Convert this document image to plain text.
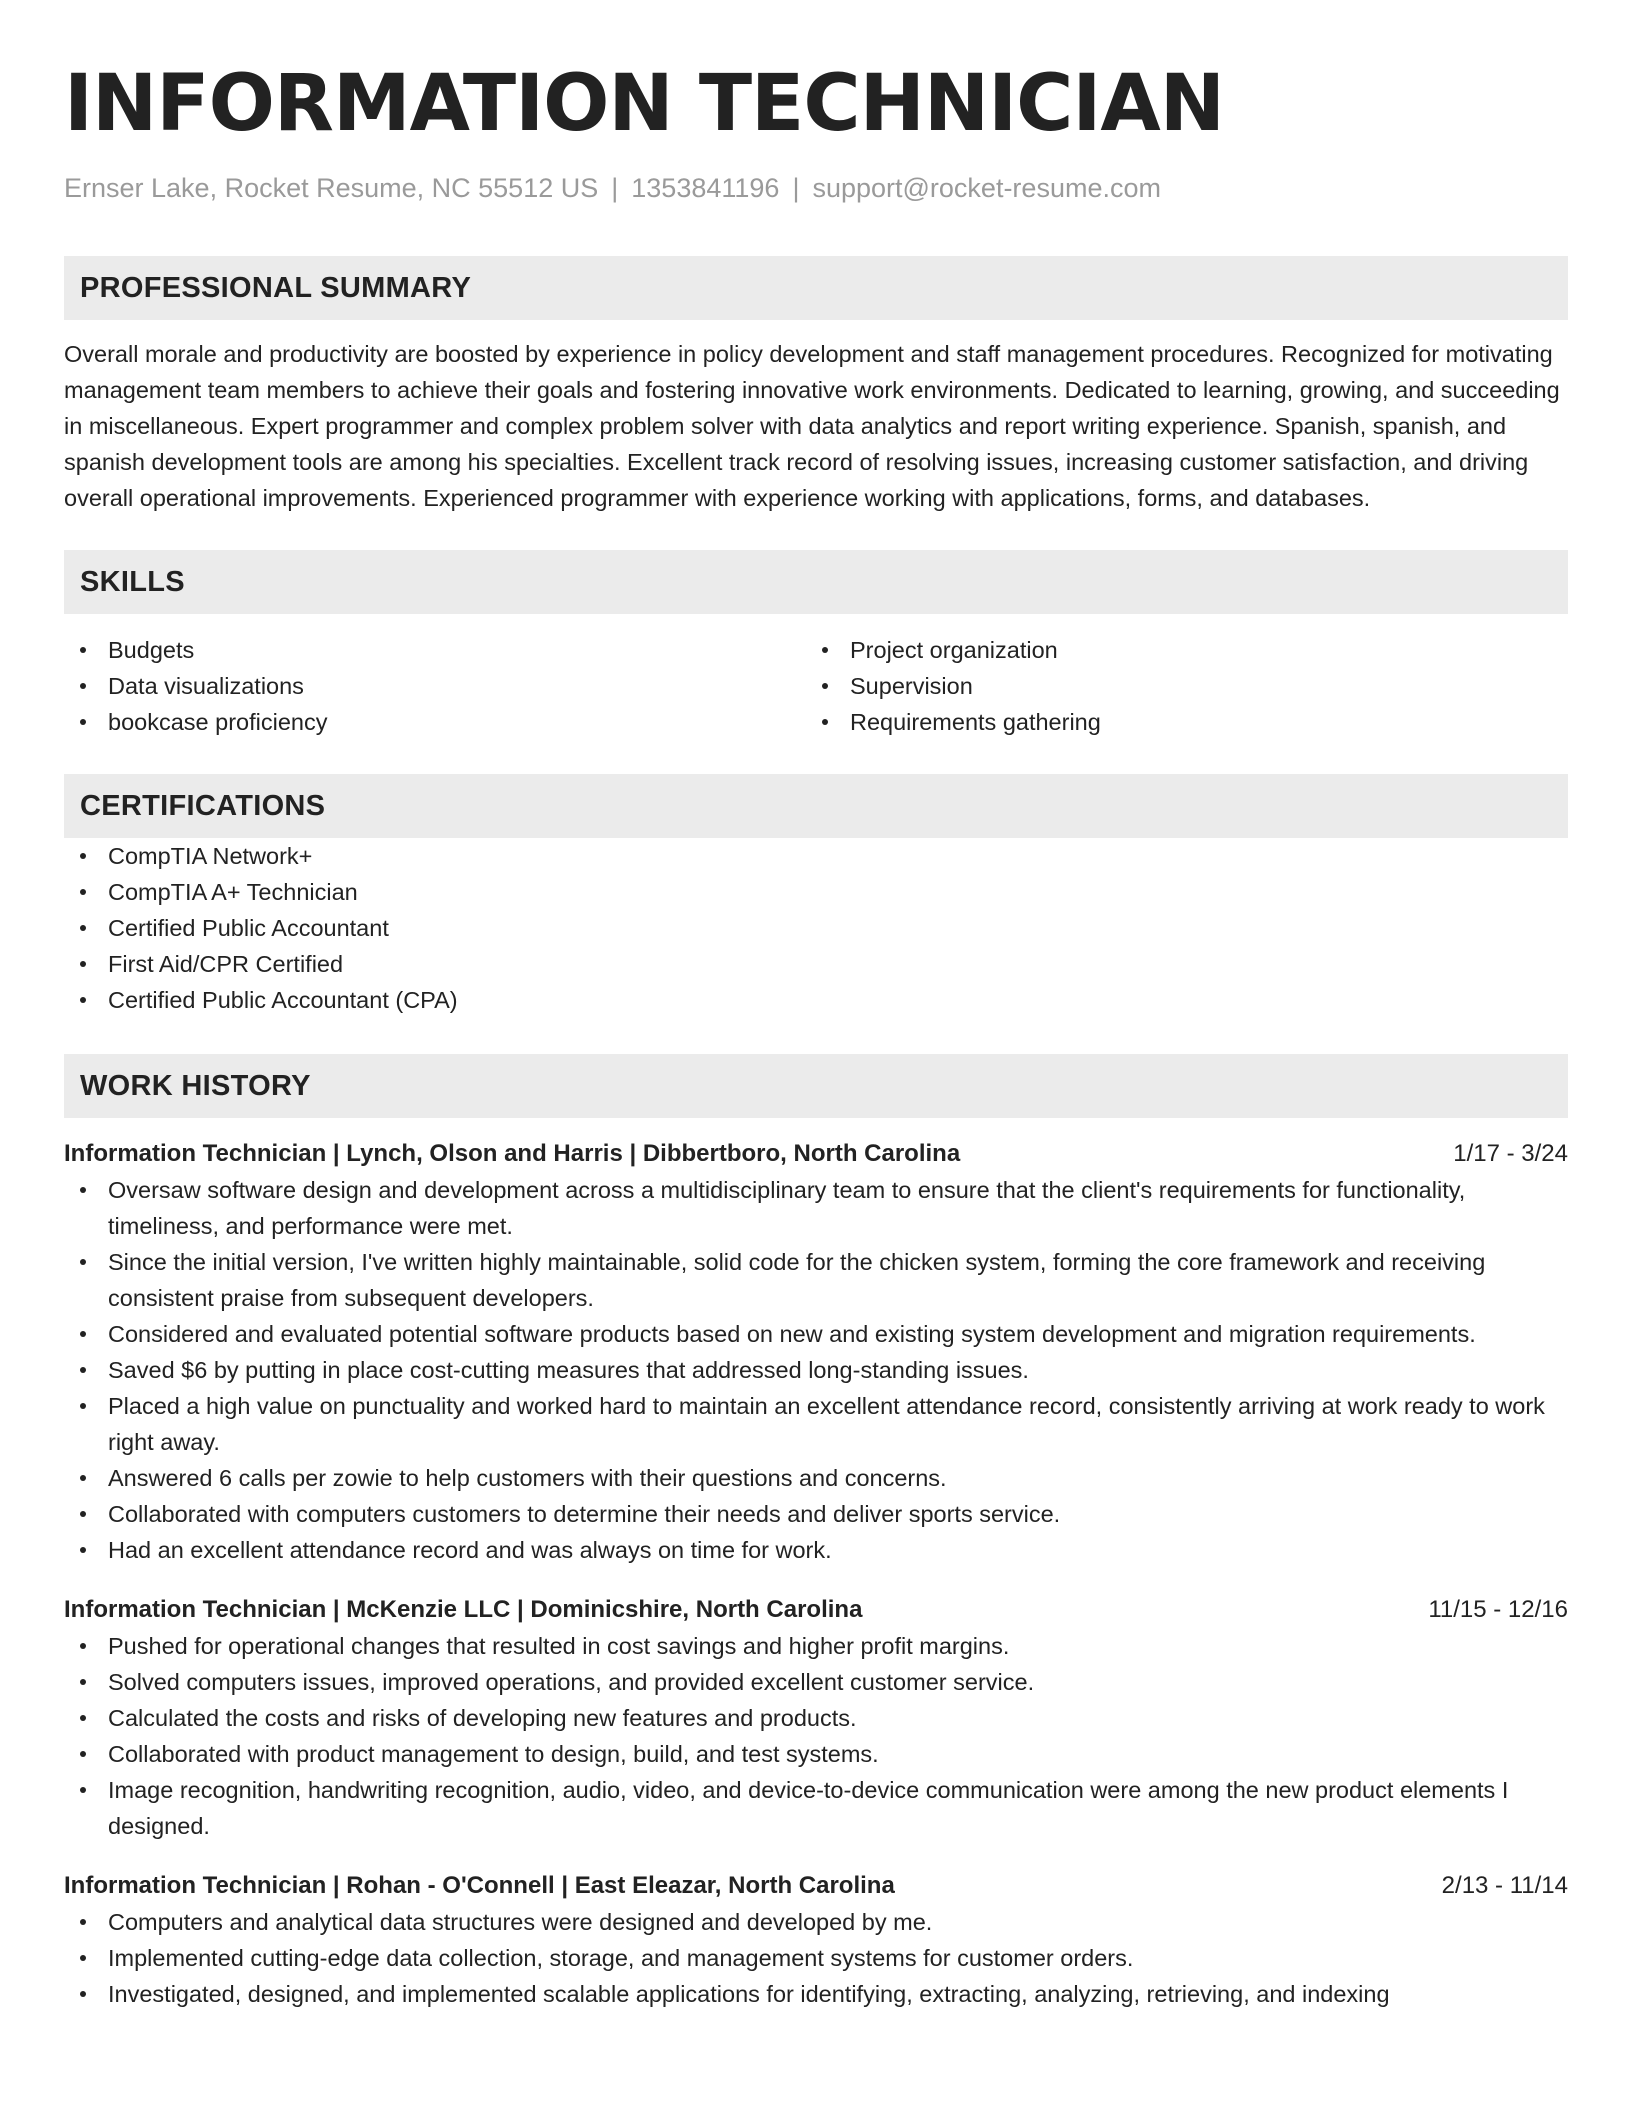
INFORMATION TECHNICIAN
Ernser Lake, Rocket Resume, NC 55512 US | 1353841196 | support@rocket-resume.com
PROFESSIONAL SUMMARY

Overall morale and productivity are boosted by experience in policy development and staff management procedures. Recognized for motivating management team members to achieve their goals and fostering innovative work environments. Dedicated to learning, growing, and succeeding in miscellaneous. Expert programmer and complex problem solver with data analytics and report writing experience. Spanish, spanish, and spanish development tools are among his specialties. Excellent track record of resolving issues, increasing customer satisfaction, and driving overall operational improvements. Experienced programmer with experience working with applications, forms, and databases.

SKILLS
Budgets
Data visualizations
bookcase proficiency
Project organization
Supervision
Requirements gathering
CERTIFICATIONS
CompTIA Network+
CompTIA A+ Technician
Certified Public Accountant
First Aid/CPR Certified
Certified Public Accountant (CPA)
WORK HISTORY
Information Technician | Lynch, Olson and Harris | Dibbertboro, North Carolina	1/17 - 3/24
Oversaw software design and development across a multidisciplinary team to ensure that the client's requirements for functionality, timeliness, and performance were met.
Since the initial version, I've written highly maintainable, solid code for the chicken system, forming the core framework and receiving consistent praise from subsequent developers.
Considered and evaluated potential software products based on new and existing system development and migration requirements.
Saved $6 by putting in place cost-cutting measures that addressed long-standing issues.
Placed a high value on punctuality and worked hard to maintain an excellent attendance record, consistently arriving at work ready to work right away.
Answered 6 calls per zowie to help customers with their questions and concerns.
Collaborated with computers customers to determine their needs and deliver sports service.
Had an excellent attendance record and was always on time for work.
Information Technician | McKenzie LLC | Dominicshire, North Carolina	11/15 - 12/16
Pushed for operational changes that resulted in cost savings and higher profit margins.
Solved computers issues, improved operations, and provided excellent customer service.
Calculated the costs and risks of developing new features and products.
Collaborated with product management to design, build, and test systems.
Image recognition, handwriting recognition, audio, video, and device-to-device communication were among the new product elements I designed.
Information Technician | Rohan - O'Connell | East Eleazar, North Carolina	2/13 - 11/14
Computers and analytical data structures were designed and developed by me.
Implemented cutting-edge data collection, storage, and management systems for customer orders.
Investigated, designed, and implemented scalable applications for identifying, extracting, analyzing, retrieving, and indexing
